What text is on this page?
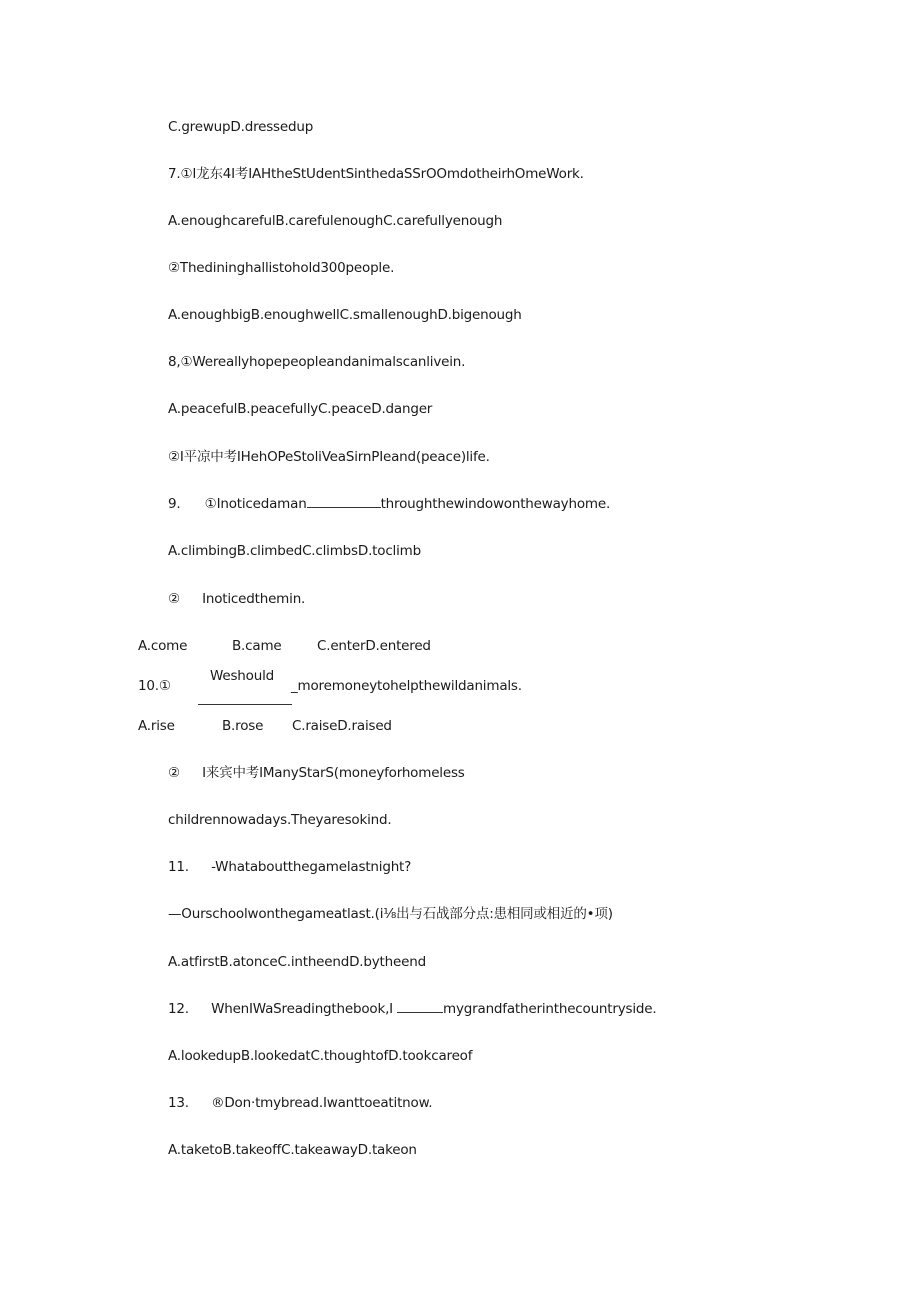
C.grewupD.dressedup
7.①I龙东4I考IAHtheStUdentSinthedaSSrOOmdotheirhOmeWork.
A.enoughcarefulB.carefulenoughC.carefullyenough
②Thedininghallistohold300people.
A.enoughbigB.enoughwellC.smallenoughD.bigenough
8,①Wereallyhopepeopleandanimalscanlivein.
A.peacefulB.peacefullyC.peaceD.danger
②I平凉中考IHehOPeStoliVeaSirnPIeand(peace)life.
9. ①Inoticedaman	throughthewindowonthewayhome.
A.climbingB.climbedC.climbsD.toclimb
② Inoticedthemin.
A.come	B.came	C.enterD.entered
Weshould
10.①	_moremoneytohelpthewildanimals.
A.rise	B.rose C.raiseD.raised
② I来宾中考IManyStarS(moneyforhomeless
childrennowadays.Theyaresokind.
11. -Whataboutthegamelastnight?
—Ourschoolwonthegameatlast.(i⅛出与石战部分点:患相同或相近的•项)
A.atfirstB.atonceC.intheendD.bytheend
12. WhenIWaSreadingthebook,I	mygrandfatherinthecountryside.
A.lookedupB.lookedatC.thoughtofD.tookcareof
13. ®Don·tmybread.Iwanttoeatitnow.
A.taketoB.takeoffC.takeawayD.takeon
